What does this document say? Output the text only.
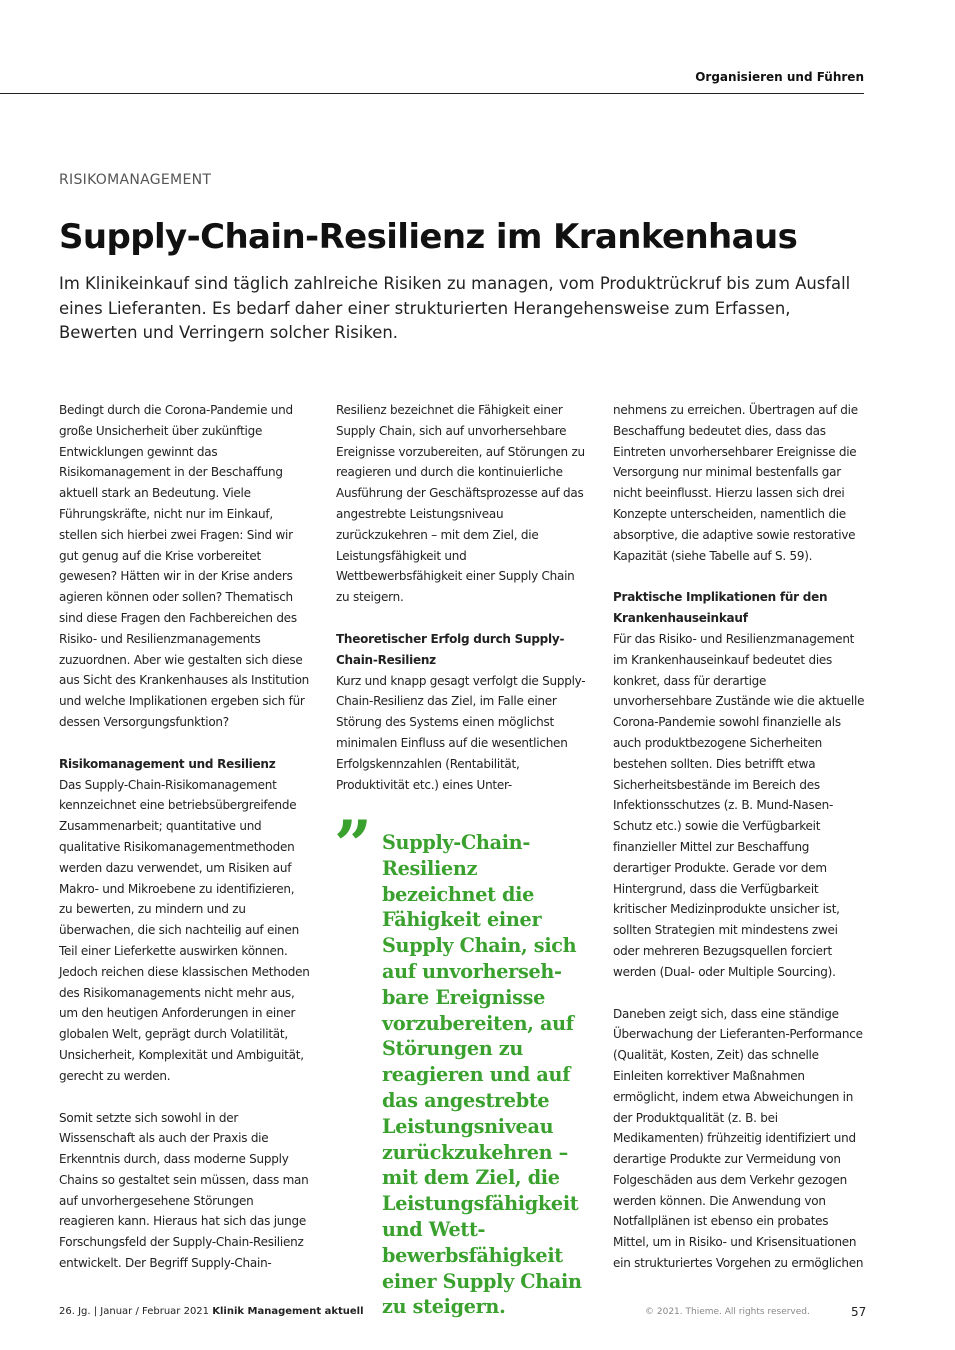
Organisieren und Führen
RISIKOMANAGEMENT
Supply-Chain-Resilienz im Krankenhaus

Im Klinikeinkauf sind täglich zahlreiche Risiken zu managen, vom Produktrückruf bis zum Ausfall eines Lieferanten. Es bedarf daher einer strukturierten Herangehensweise zum Erfassen, Bewerten und Verringern solcher Risiken.

Bedingt durch die Corona-Pandemie und große Unsicherheit über zukünftige Entwicklungen gewinnt das Risikomanagement in der Beschaffung aktuell stark an Bedeutung. Viele Führungskräfte, nicht nur im Einkauf, stellen sich hierbei zwei Fragen: Sind wir gut genug auf die Krise vorbereitet gewesen? Hätten wir in der Krise anders agieren können oder sollen? Thematisch sind diese Fragen den Fachbereichen des Risiko- und Resilienzmanagements zuzuordnen. Aber wie gestalten sich diese aus Sicht des Krankenhauses als Institution und welche Implikationen ergeben sich für dessen Versorgungsfunktion?

Risikomanagement und Resilienz

Das Supply-Chain-Risikomanagement kennzeichnet eine betriebsübergreifende Zusammenarbeit; quantitative und qualitative Risikomanagementmethoden werden dazu verwendet, um Risiken auf Makro- und Mikroebene zu identifizieren, zu bewerten, zu mindern und zu überwachen, die sich nachteilig auf einen Teil einer Lieferkette auswirken können. Jedoch reichen diese klassischen Methoden des Risikomanagements nicht mehr aus, um den heutigen Anforderungen in einer globalen Welt, geprägt durch Volatilität, Unsicherheit, Komplexität und Ambiguität, gerecht zu werden.

Somit setzte sich sowohl in der Wissenschaft als auch der Praxis die Erkenntnis durch, dass moderne Supply Chains so gestaltet sein müssen, dass man auf unvorhergesehene Störungen reagieren kann. Hieraus hat sich das junge Forschungsfeld der Supply-Chain-Resilienz entwickelt. Der Begriff Supply-Chain-

Resilienz bezeichnet die Fähigkeit einer Supply Chain, sich auf unvorhersehbare Ereignisse vorzubereiten, auf Störungen zu reagieren und durch die kontinuierliche Ausführung der Geschäftsprozesse auf das angestrebte Leistungsniveau zurückzukehren – mit dem Ziel, die Leistungsfähigkeit und Wettbewerbsfähigkeit einer Supply Chain zu steigern.

Theoretischer Erfolg durch Supply-Chain-Resilienz

Kurz und knapp gesagt verfolgt die Supply-Chain-Resilienz das Ziel, im Falle einer Störung des Systems einen möglichst minimalen Einfluss auf die wesentlichen Erfolgskennzahlen (Rentabilität, Produktivität etc.) eines Unter-

” Supply-Chain-Resilienz bezeichnet die Fähigkeit einer Supply Chain, sich auf unvorhersehbare Ereignisse vorzubereiten, auf Störungen zu reagieren und auf das angestrebte Leistungsniveau zurückzukehren – mit dem Ziel, die Leistungsfähigkeit und Wettbewerbsfähigkeit einer Supply Chain zu steigern.

nehmens zu erreichen. Übertragen auf die Beschaffung bedeutet dies, dass das Eintreten unvorhersehbarer Ereignisse die Versorgung nur minimal bestenfalls gar nicht beeinflusst. Hierzu lassen sich drei Konzepte unterscheiden, namentlich die absorptive, die adaptive sowie restorative Kapazität (siehe Tabelle auf S. 59).

Praktische Implikationen für den Krankenhauseinkauf

Für das Risiko- und Resilienzmanagement im Krankenhauseinkauf bedeutet dies konkret, dass für derartige unvorhersehbare Zustände wie die aktuelle Corona-Pandemie sowohl finanzielle als auch produktbezogene Sicherheiten bestehen sollten. Dies betrifft etwa Sicherheitsbestände im Bereich des Infektionsschutzes (z. B. Mund-Nasen-Schutz etc.) sowie die Verfügbarkeit finanzieller Mittel zur Beschaffung derartiger Produkte. Gerade vor dem Hintergrund, dass die Verfügbarkeit kritischer Medizinprodukte unsicher ist, sollten Strategien mit mindestens zwei oder mehreren Bezugsquellen forciert werden (Dual- oder Multiple Sourcing).

Daneben zeigt sich, dass eine ständige Überwachung der Lieferanten-Performance (Qualität, Kosten, Zeit) das schnelle Einleiten korrektiver Maßnahmen ermöglicht, indem etwa Abweichungen in der Produktqualität (z. B. bei Medikamenten) frühzeitig identifiziert und derartige Produkte zur Vermeidung von Folgeschäden aus dem Verkehr gezogen werden können. Die Anwendung von Notfallplänen ist ebenso ein probates Mittel, um in Risiko- und Krisensituationen ein strukturiertes Vorgehen zu ermöglichen

26. Jg. | Januar / Februar 2021 Klinik Management aktuell	© 2021. Thieme. All rights reserved.	57
